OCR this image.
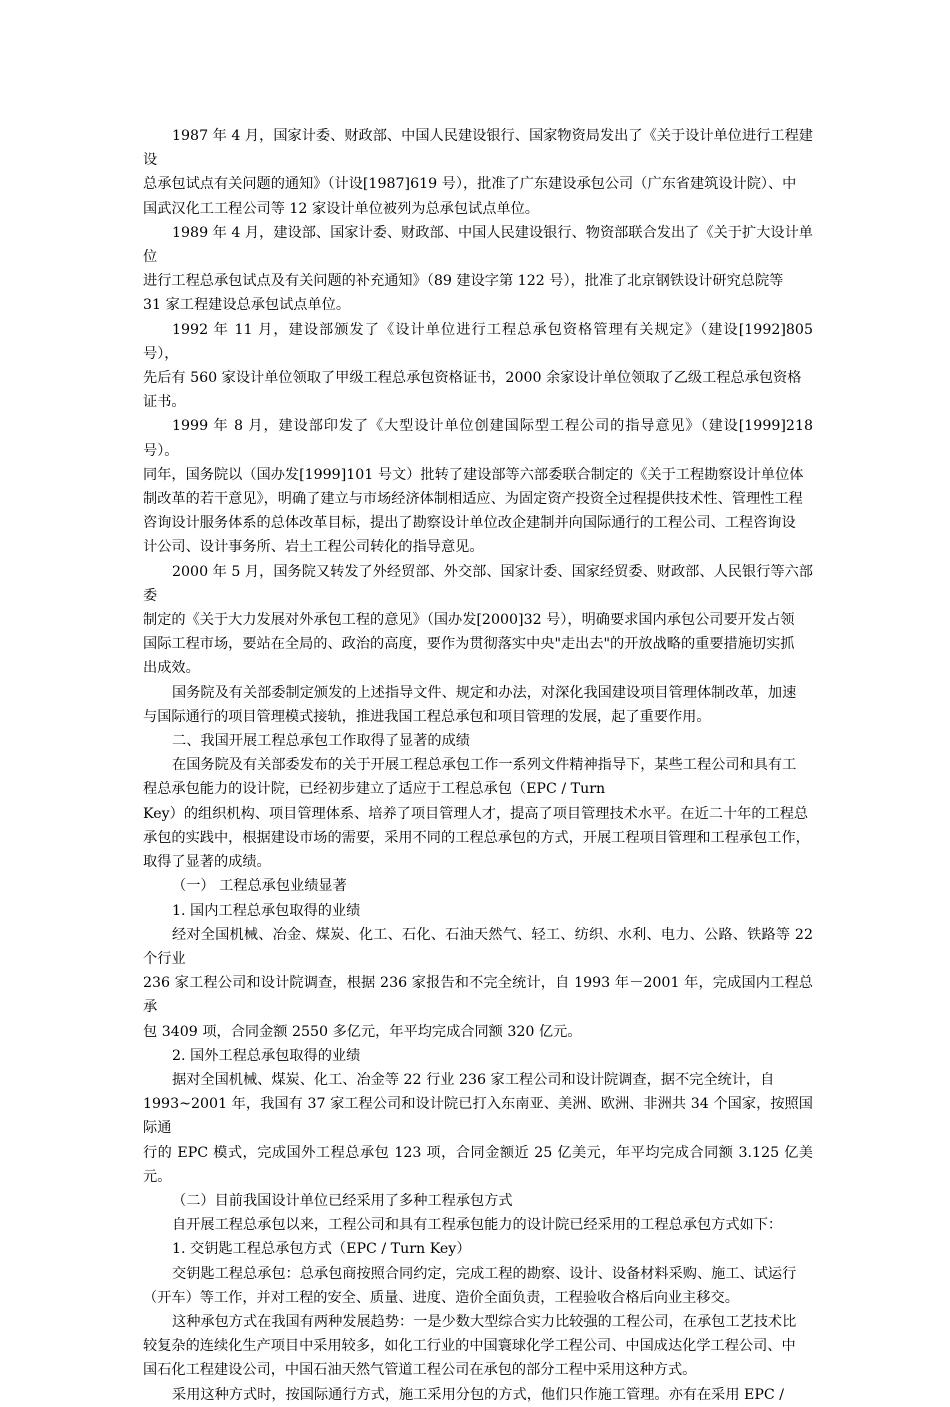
1987 年 4 月，国家计委、财政部、中国人民建设银行、国家物资局发出了《关于设计单位进行工程建设
总承包试点有关问题的通知》（计设[1987]619 号），批准了广东建设承包公司（广东省建筑设计院）、中
国武汉化工工程公司等 12 家设计单位被列为总承包试点单位。

1989 年 4 月，建设部、国家计委、财政部、中国人民建设银行、物资部联合发出了《关于扩大设计单位
进行工程总承包试点及有关问题的补充通知》（89 建设字第 122 号），批准了北京钢铁设计研究总院等
31 家工程建设总承包试点单位。

1992 年 11 月，建设部颁发了《设计单位进行工程总承包资格管理有关规定》（建设[1992]805 号），
先后有 560 家设计单位领取了甲级工程总承包资格证书，2000 余家设计单位领取了乙级工程总承包资格
证书。

1999 年 8 月，建设部印发了《大型设计单位创建国际型工程公司的指导意见》（建设[1999]218 号）。
同年，国务院以（国办发[1999]101 号文）批转了建设部等六部委联合制定的《关于工程勘察设计单位体
制改革的若干意见》，明确了建立与市场经济体制相适应、为固定资产投资全过程提供技术性、管理性工程
咨询设计服务体系的总体改革目标，提出了勘察设计单位改企建制并向国际通行的工程公司、工程咨询设
计公司、设计事务所、岩土工程公司转化的指导意见。

2000 年 5 月，国务院又转发了外经贸部、外交部、国家计委、国家经贸委、财政部、人民银行等六部委
制定的《关于大力发展对外承包工程的意见》（国办发[2000]32 号），明确要求国内承包公司要开发占领
国际工程市场，要站在全局的、政治的高度，要作为贯彻落实中央"走出去"的开放战略的重要措施切实抓
出成效。

国务院及有关部委制定颁发的上述指导文件、规定和办法，对深化我国建设项目管理体制改革，加速
与国际通行的项目管理模式接轨，推进我国工程总承包和项目管理的发展，起了重要作用。

二、我国开展工程总承包工作取得了显著的成绩

在国务院及有关部委发布的关于开展工程总承包工作一系列文件精神指导下，某些工程公司和具有工
程总承包能力的设计院，已经初步建立了适应于工程总承包（EPC / Turn
Key）的组织机构、项目管理体系、培养了项目管理人才，提高了项目管理技术水平。在近二十年的工程总
承包的实践中，根据建设市场的需要，采用不同的工程总承包的方式，开展工程项目管理和工程承包工作，
取得了显著的成绩。

（一） 工程总承包业绩显著

1. 国内工程总承包取得的业绩

经对全国机械、冶金、煤炭、化工、石化、石油天然气、轻工、纺织、水利、电力、公路、铁路等 22 个行业
236 家工程公司和设计院调查，根据 236 家报告和不完全统计，自 1993 年－2001 年，完成国内工程总承
包 3409 项，合同金额 2550 多亿元，年平均完成合同额 320 亿元。

2. 国外工程总承包取得的业绩

据对全国机械、煤炭、化工、冶金等 22 行业 236 家工程公司和设计院调查，据不完全统计，自
1993~2001 年，我国有 37 家工程公司和设计院已打入东南亚、美洲、欧洲、非洲共 34 个国家，按照国际通
行的 EPC 模式，完成国外工程总承包 123 项，合同金额近 25 亿美元，年平均完成合同额 3.125 亿美元。

（二）目前我国设计单位已经采用了多种工程承包方式

自开展工程总承包以来，工程公司和具有工程承包能力的设计院已经采用的工程总承包方式如下：

1. 交钥匙工程总承包方式（EPC / Turn Key）

交钥匙工程总承包：总承包商按照合同约定，完成工程的勘察、设计、设备材料采购、施工、试运行
（开车）等工作，并对工程的安全、质量、进度、造价全面负责，工程验收合格后向业主移交。

这种承包方式在我国有两种发展趋势：一是少数大型综合实力比较强的工程公司，在承包工艺技术比
较复杂的连续化生产项目中采用较多，如化工行业的中国寰球化学工程公司、中国成达化学工程公司、中
国石化工程建设公司，中国石油天然气管道工程公司在承包的部分工程中采用这种方式。

采用这种方式时，按国际通行方式，施工采用分包的方式，他们只作施工管理。亦有在采用 EPC /
